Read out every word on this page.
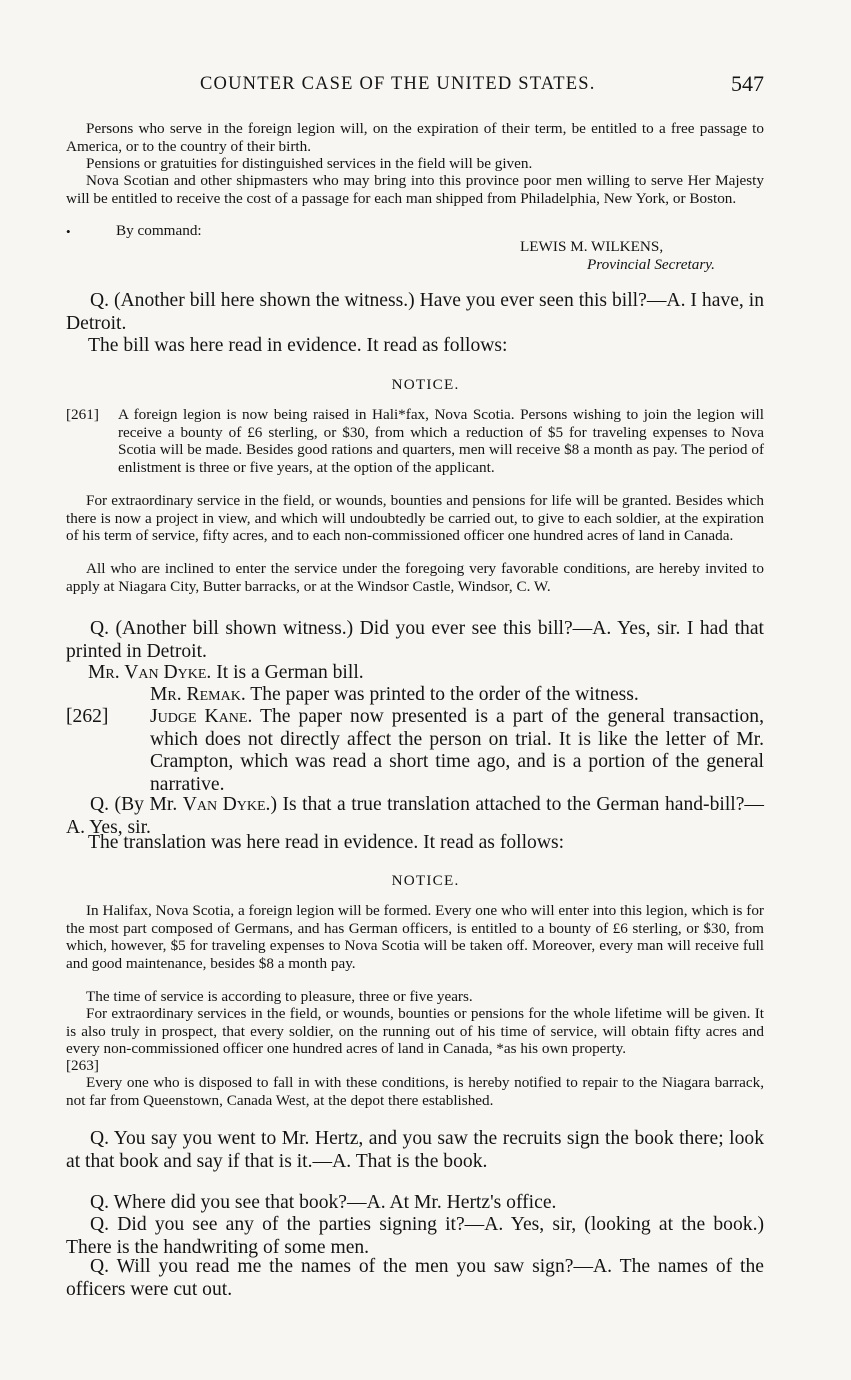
COUNTER CASE OF THE UNITED STATES.	547

Persons who serve in the foreign legion will, on the expiration of their term, be entitled to a free passage to America, or to the country of their birth.

Pensions or gratuities for distinguished services in the field will be given.

Nova Scotian and other shipmasters who may bring into this province poor men willing to serve Her Majesty will be entitled to receive the cost of a passage for each man shipped from Philadelphia, New York, or Boston.

•	By command:

LEWIS M. WILKENS,
Provincial Secretary.

Q. (Another bill here shown the witness.) Have you ever seen this bill?—A. I have, in Detroit.

The bill was here read in evidence. It read as follows:

NOTICE.
[261] A foreign legion is now being raised in Hali*fax, Nova Scotia. Persons wishing to join the legion will receive a bounty of £6 sterling, or $30, from which a reduction of $5 for traveling expenses to Nova Scotia will be made. Besides good rations and quarters, men will receive $8 a month as pay. The period of enlistment is three or five years, at the option of the applicant.

For extraordinary service in the field, or wounds, bounties and pensions for life will be granted. Besides which there is now a project in view, and which will undoubtedly be carried out, to give to each soldier, at the expiration of his term of service, fifty acres, and to each non-commissioned officer one hundred acres of land in Canada.

All who are inclined to enter the service under the foregoing very favorable conditions, are hereby invited to apply at Niagara City, Butter barracks, or at the Windsor Castle, Windsor, C. W.

Q. (Another bill shown witness.) Did you ever see this bill?—A. Yes, sir. I had that printed in Detroit.

Mr. Van Dyke. It is a German bill.

Mr. Remak. The paper was printed to the order of the witness.

[262] Judge Kane. The paper now presented is a part of the general transaction, which does not directly affect the person on trial. It is like the letter of Mr. Crampton, which was read a short time ago, and is a portion of the general narrative.

Q. (By Mr. Van Dyke.) Is that a true translation attached to the German hand-bill?—A. Yes, sir.

The translation was here read in evidence. It read as follows:

NOTICE.

In Halifax, Nova Scotia, a foreign legion will be formed. Every one who will enter into this legion, which is for the most part composed of Germans, and has German officers, is entitled to a bounty of £6 sterling, or $30, from which, however, $5 for traveling expenses to Nova Scotia will be taken off. Moreover, every man will receive full and good maintenance, besides $8 a month pay.

The time of service is according to pleasure, three or five years.

For extraordinary services in the field, or wounds, bounties or pensions for the whole lifetime will be given. It is also truly in prospect, that every soldier, on the running out of his time of service, will obtain fifty acres and every non-commissioned officer one hundred acres of land in Canada, *as his own property.

[263]

Every one who is disposed to fall in with these conditions, is hereby notified to repair to the Niagara barrack, not far from Queenstown, Canada West, at the depot there established.

Q. You say you went to Mr. Hertz, and you saw the recruits sign the book there; look at that book and say if that is it.—A. That is the book.

Q. Where did you see that book?—A. At Mr. Hertz's office.

Q. Did you see any of the parties signing it?—A. Yes, sir, (looking at the book.) There is the handwriting of some men.

Q. Will you read me the names of the men you saw sign?—A. The names of the officers were cut out.
